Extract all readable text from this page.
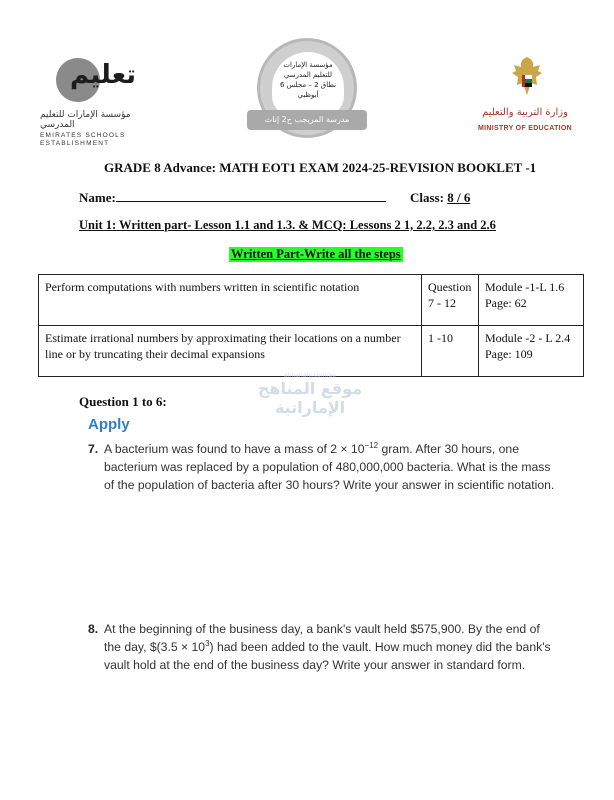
تعليم
مؤسسة الإمارات للتعليم المدرسي
EMIRATES SCHOOLS ESTABLISHMENT
مؤسسة الإمارات
للتعليم المدرسي
نطاق 2 – مجلس 6
أبوظبي
مدرسة المريجب ح2 إناث
وزارة التربية والتعليم
MINISTRY OF EDUCATION
GRADE 8 Advance: MATH EOT1 EXAM 2024-25-REVISION BOOKLET -1
Name:	Class: 8 / 6
Unit 1: Written part- Lesson 1.1 and 1.3. & MCQ: Lessons 2 1, 2.2, 2.3 and 2.6
Written Part-Write all the steps
Perform computations with numbers written in scientific notation	Question 7 - 12	Module -1-L 1.6
Page: 62
Estimate irrational numbers by approximating their locations on a number line or by truncating their decimal expansions	1 -10	Module -2 - L 2.4
Page: 109
almanahj.com/ae
موقع المناهج الإماراتية
Question 1 to 6:
Apply
7. A bacterium was found to have a mass of $2 \times 10^{-12}$ gram. After 30 hours, one bacterium was replaced by a population of 480,000,000 bacteria. What is the mass of the population of bacteria after 30 hours? Write your answer in scientific notation.
8. At the beginning of the business day, a bank's vault held $575,900. By the end of the day, $(3.5 × $10^3$) had been added to the vault. How much money did the bank's vault hold at the end of the business day? Write your answer in standard form.
